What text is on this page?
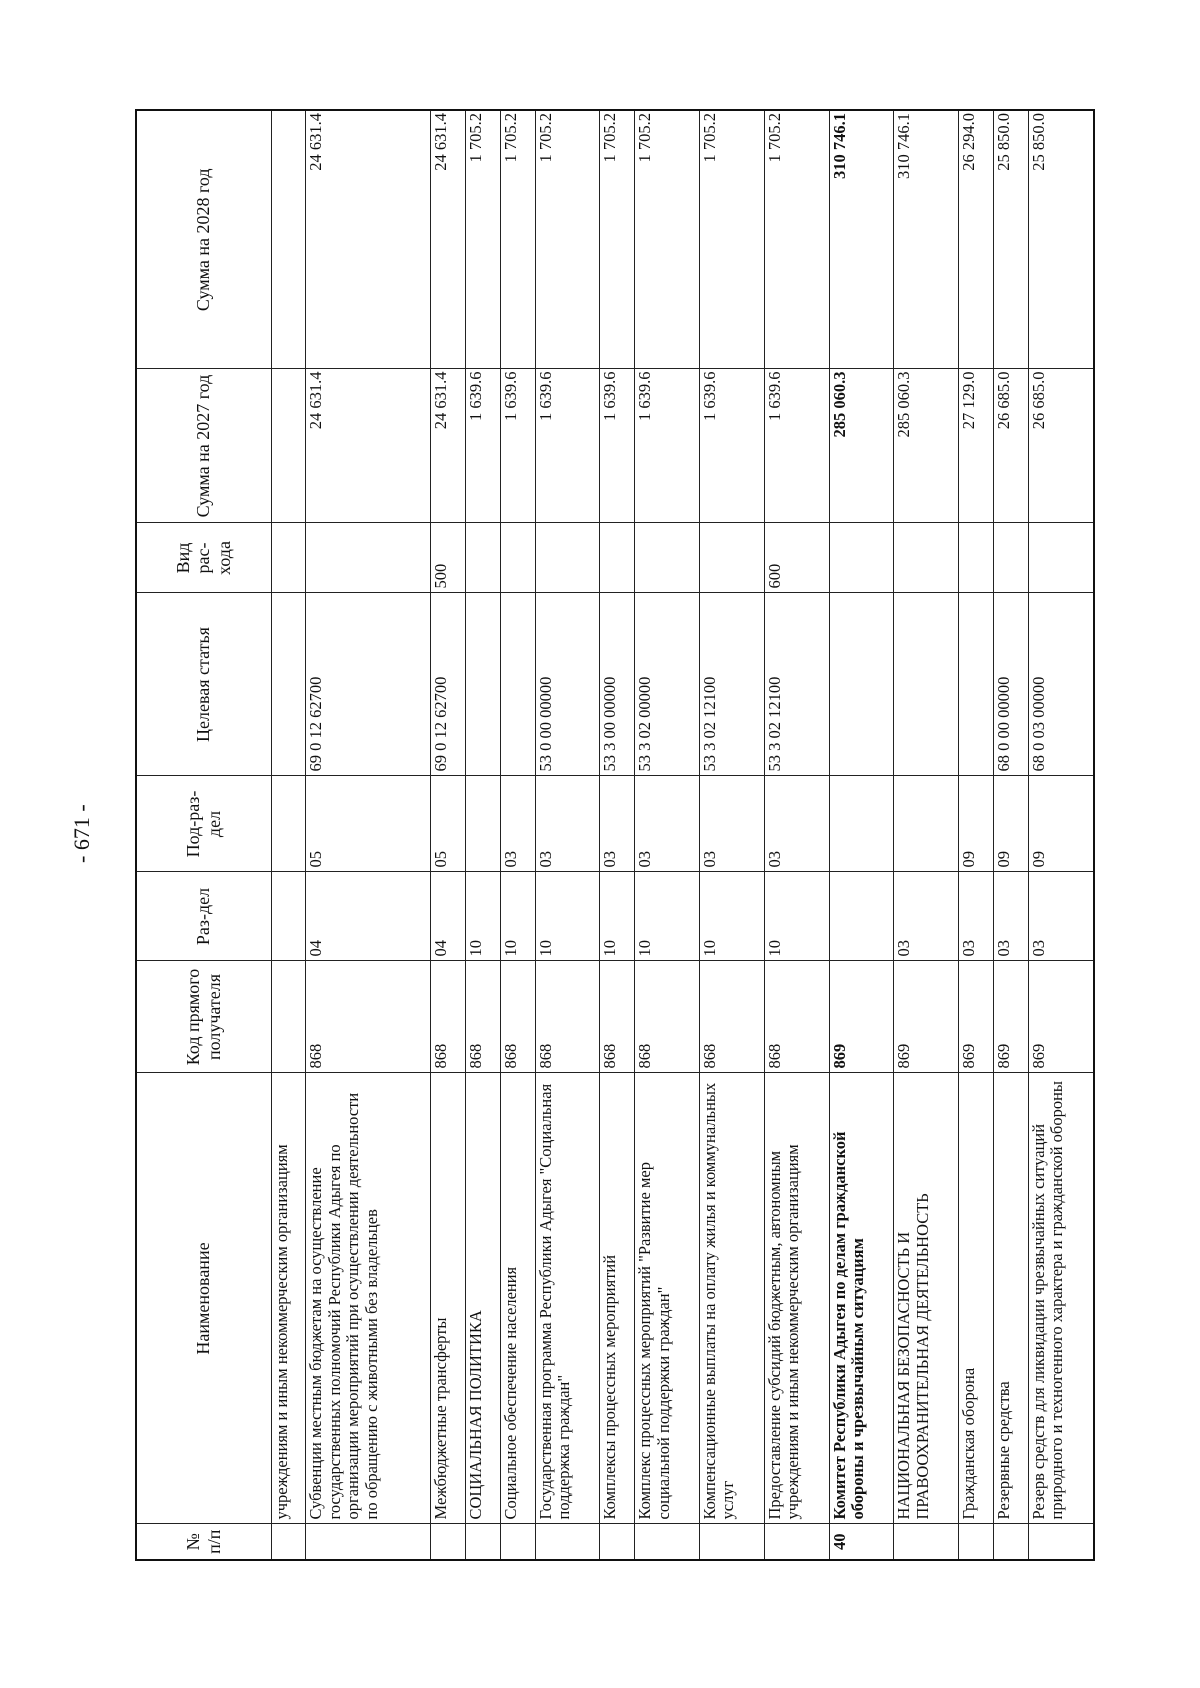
- 671 -
№ п/п	Наименование	Код прямого получателя	Раз-дел	Под-раз-дел	Целевая статья	Вид рас-хода	Сумма на 2027 год	Сумма на 2028 год
	учреждениям и иным некоммерческим организациям							
	Субвенции местным бюджетам на осуществление государственных полномочий Республики Адыгея по организации мероприятий при осуществлении деятельности по обращению с животными без владельцев	868	04	05	69 0 12 62700		24 631.4	24 631.4
	Межбюджетные трансферты	868	04	05	69 0 12 62700	500	24 631.4	24 631.4
	СОЦИАЛЬНАЯ ПОЛИТИКА	868	10				1 639.6	1 705.2
	Социальное обеспечение населения	868	10	03			1 639.6	1 705.2
	Государственная программа Республики Адыгея "Социальная поддержка граждан"	868	10	03	53 0 00 00000		1 639.6	1 705.2
	Комплексы процессных мероприятий	868	10	03	53 3 00 00000		1 639.6	1 705.2
	Комплекс процессных мероприятий "Развитие мер социальной поддержки граждан"	868	10	03	53 3 02 00000		1 639.6	1 705.2
	Компенсационные выплаты на оплату жилья и коммунальных услуг	868	10	03	53 3 02 12100		1 639.6	1 705.2
	Предоставление субсидий бюджетным, автономным учреждениям и иным некоммерческим организациям	868	10	03	53 3 02 12100	600	1 639.6	1 705.2
40	Комитет Республики Адыгея по делам гражданской обороны и чрезвычайным ситуациям	869					285 060.3	310 746.1
	НАЦИОНАЛЬНАЯ БЕЗОПАСНОСТЬ И ПРАВООХРАНИТЕЛЬНАЯ ДЕЯТЕЛЬНОСТЬ	869	03				285 060.3	310 746.1
	Гражданская оборона	869	03	09			27 129.0	26 294.0
	Резервные средства	869	03	09	68 0 00 00000		26 685.0	25 850.0
	Резерв средств для ликвидации чрезвычайных ситуаций природного и техногенного характера и гражданской обороны	869	03	09	68 0 03 00000		26 685.0	25 850.0
